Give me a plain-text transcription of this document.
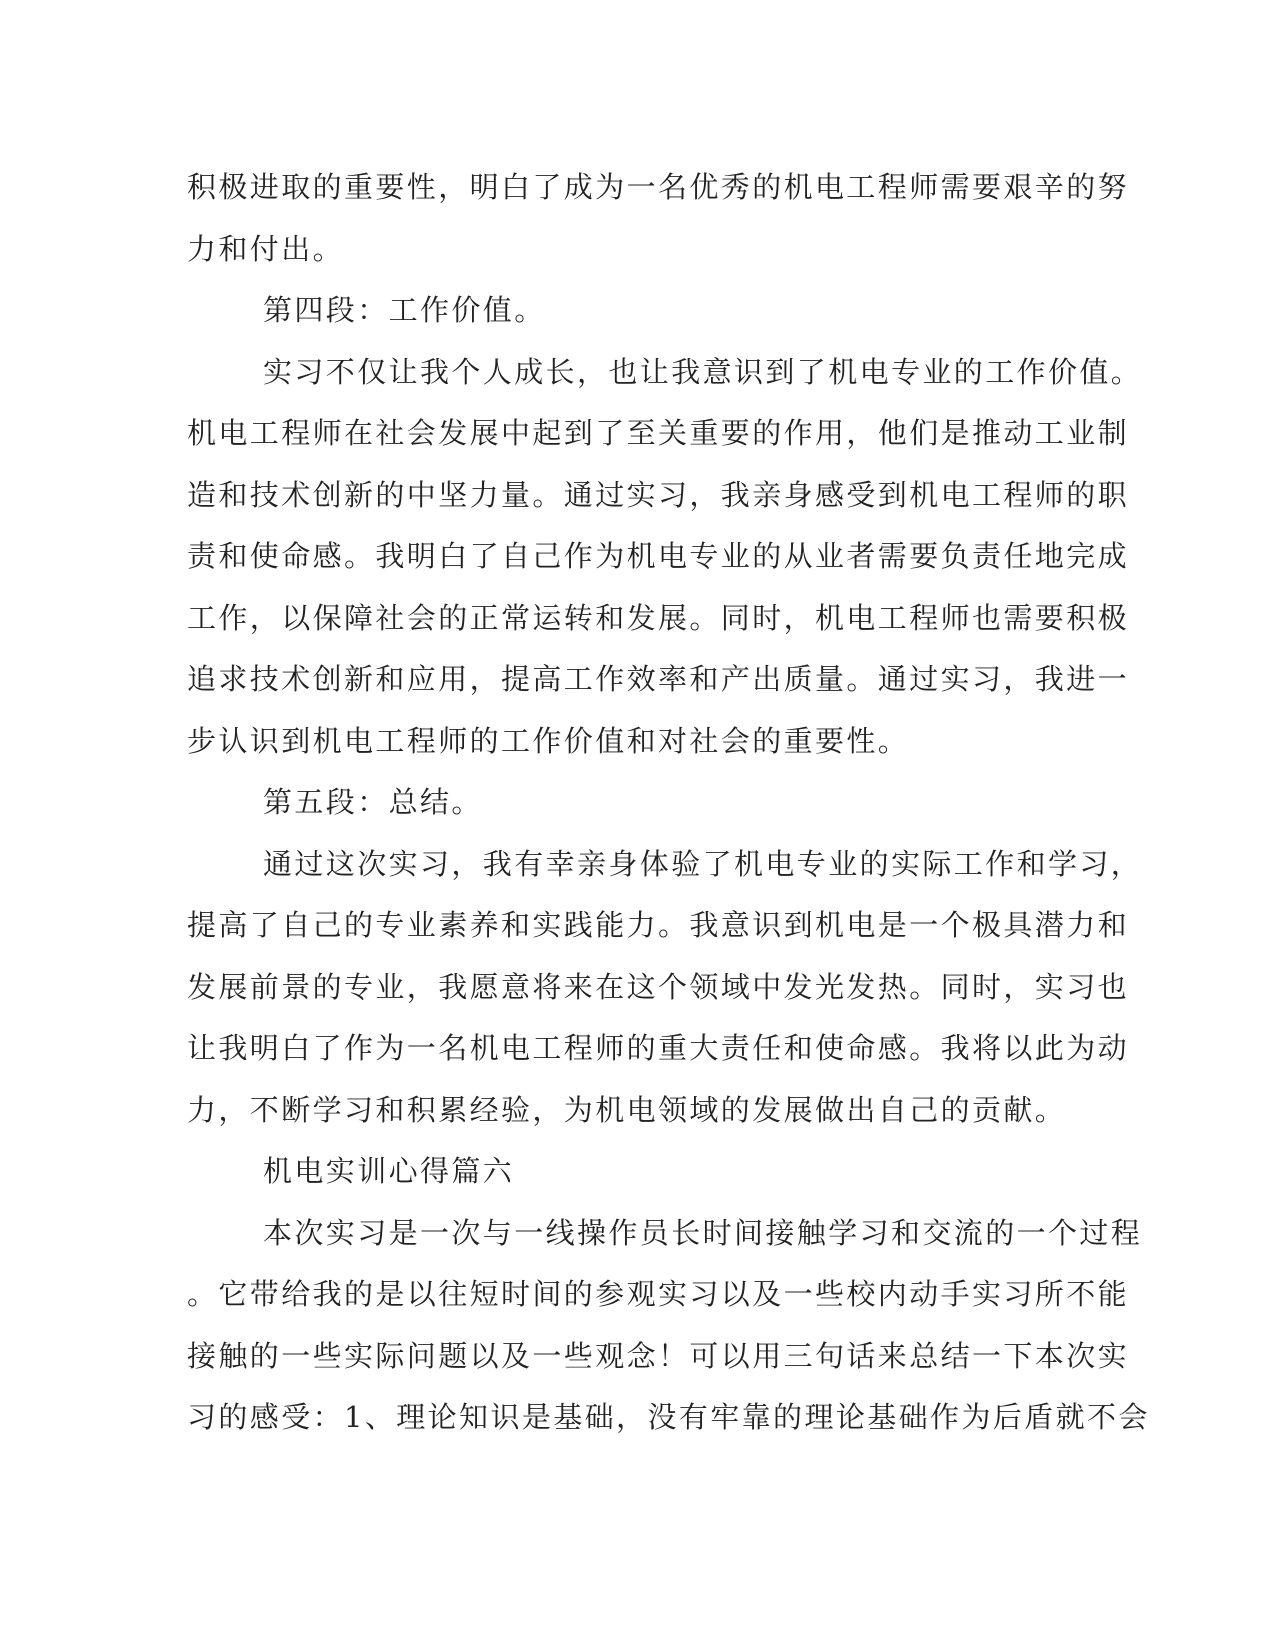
积极进取的重要性，明白了成为一名优秀的机电工程师需要艰辛的努
力和付出。
第四段：工作价值。
实习不仅让我个人成长，也让我意识到了机电专业的工作价值。
机电工程师在社会发展中起到了至关重要的作用，他们是推动工业制
造和技术创新的中坚力量。通过实习，我亲身感受到机电工程师的职
责和使命感。我明白了自己作为机电专业的从业者需要负责任地完成
工作，以保障社会的正常运转和发展。同时，机电工程师也需要积极
追求技术创新和应用，提高工作效率和产出质量。通过实习，我进一
步认识到机电工程师的工作价值和对社会的重要性。
第五段：总结。
通过这次实习，我有幸亲身体验了机电专业的实际工作和学习，
提高了自己的专业素养和实践能力。我意识到机电是一个极具潜力和
发展前景的专业，我愿意将来在这个领域中发光发热。同时，实习也
让我明白了作为一名机电工程师的重大责任和使命感。我将以此为动
力，不断学习和积累经验，为机电领域的发展做出自己的贡献。
机电实训心得篇六
本次实习是一次与一线操作员长时间接触学习和交流的一个过程
。它带给我的是以往短时间的参观实习以及一些校内动手实习所不能
接触的一些实际问题以及一些观念！可以用三句话来总结一下本次实
习的感受：1、理论知识是基础，没有牢靠的理论基础作为后盾就不会
